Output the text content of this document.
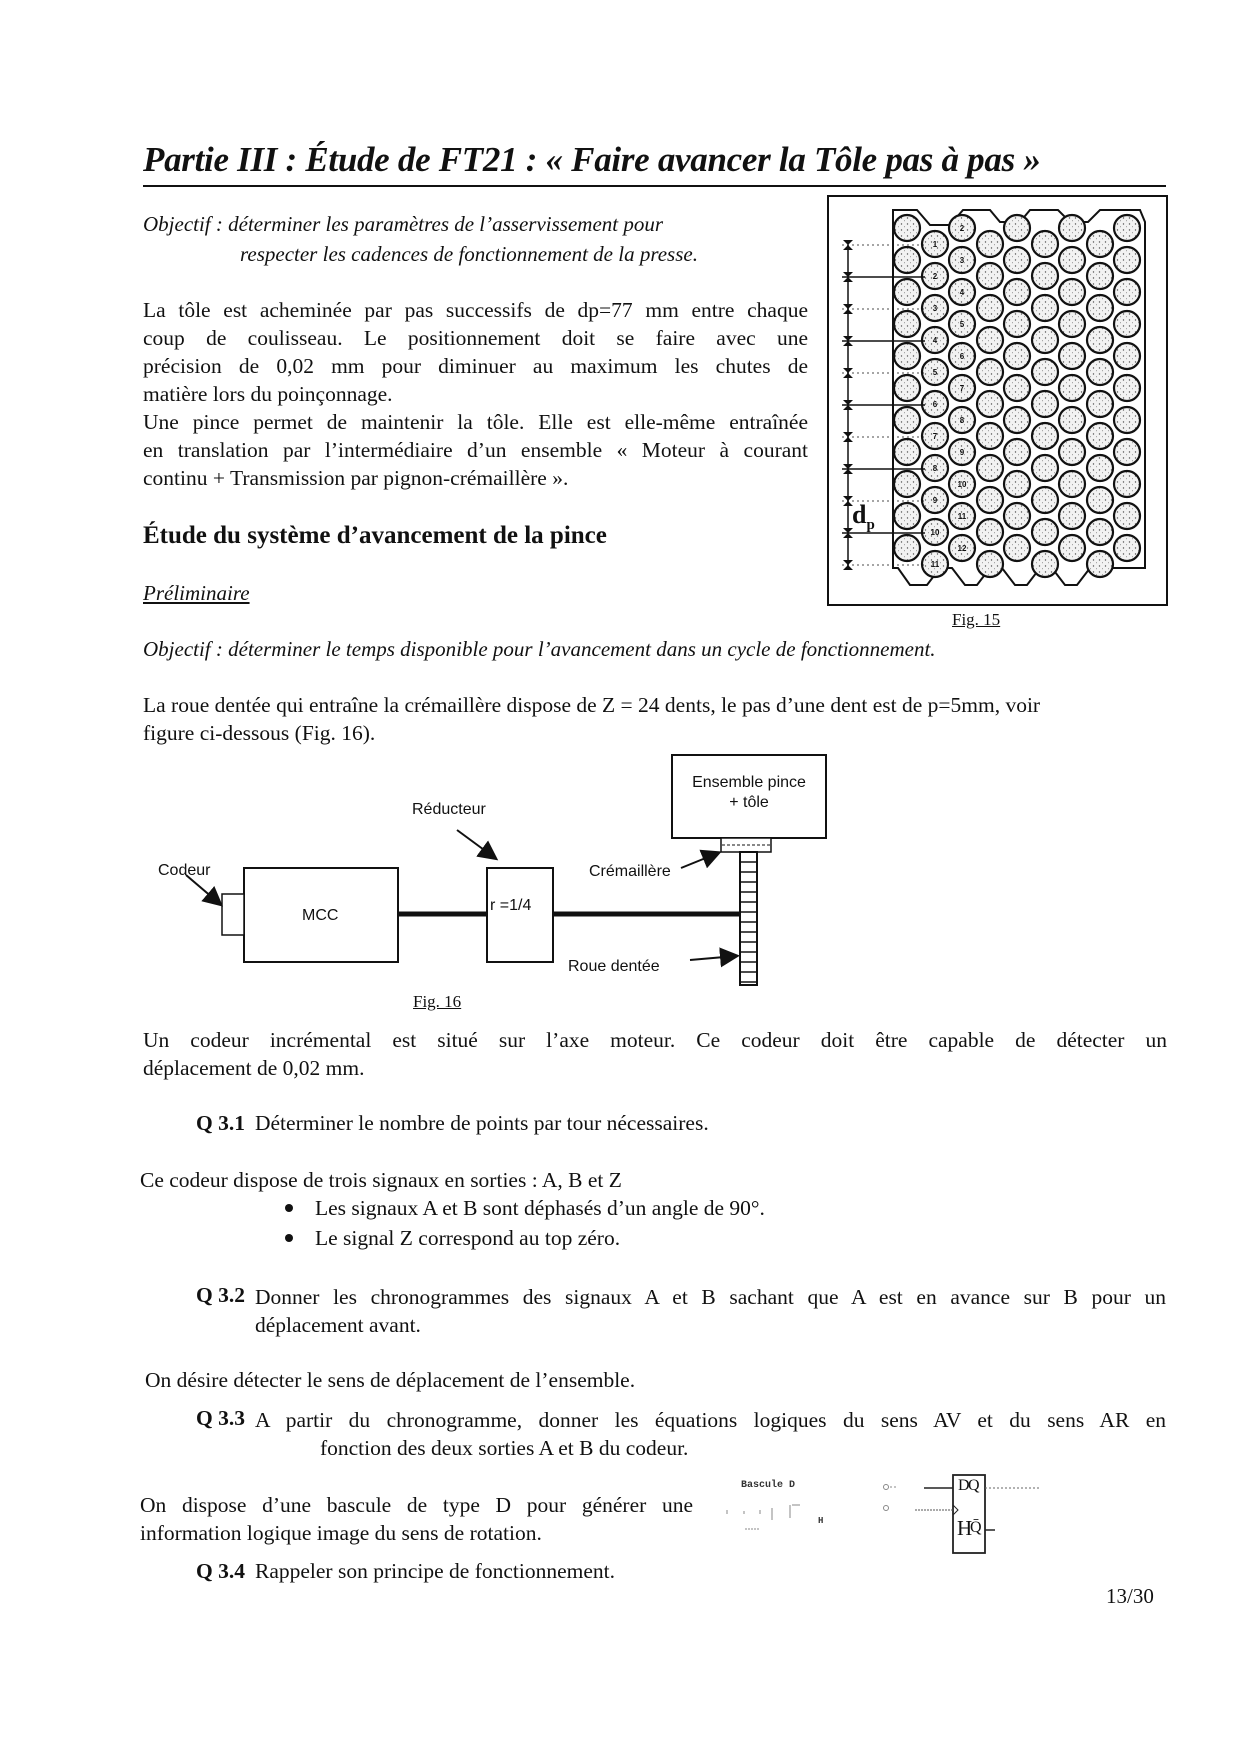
Partie III : Étude de FT21 : « Faire avancer la Tôle pas à pas »
Objectif : déterminer les paramètres de l’asservissement pour
respecter les cadences de fonctionnement de la presse.
La tôle est acheminée par pas successifs de dp=77 mm entre chaque
coup de coulisseau. Le positionnement doit se faire avec une
précision de 0,02 mm pour diminuer au maximum les chutes de
matière lors du poinçonnage.
Une pince permet de maintenir la tôle. Elle est elle-même entraînée
en translation par l’intermédiaire d’un ensemble « Moteur à courant
continu + Transmission par pignon-crémaillère ».
1
2
3
4
5
6
7
8
9
10
11
2
3
4
5
6
7
8
9
10
11
12
$d_p$
Fig. 15
Étude du système d’avancement de la pince
Préliminaire
Objectif : déterminer le temps disponible pour l’avancement dans un cycle de fonctionnement.
La roue dentée qui entraîne la crémaillère dispose de Z = 24 dents, le pas d’une dent est de p=5mm, voir
figure ci-dessous (Fig. 16).
Ensemble pince
+ tôle
Réducteur
r =1/4
Codeur
MCC
Crémaillère
Roue dentée
Fig. 16
Un codeur incrémental est situé sur l’axe moteur. Ce codeur doit être capable de détecter un
déplacement de 0,02 mm.
Q 3.1 Déterminer le nombre de points par tour nécessaires.
Ce codeur dispose de trois signaux en sorties : A, B et Z
Les signaux A et B sont déphasés d’un angle de 90°.
Le signal Z correspond au top zéro.
Q 3.2 Donner les chronogrammes des signaux A et B sachant que A est en avance sur B pour un
déplacement avant.
On désire détecter le sens de déplacement de l’ensemble.
Q 3.3 A partir du chronogramme, donner les équations logiques du sens AV et du sens AR en
fonction des deux sorties A et B du codeur.
On dispose d’une bascule de type D pour générer une
information logique image du sens de rotation.
Bascule D
H
D
Q
H
Q̄
Q 3.4 Rappeler son principe de fonctionnement.
13/30
